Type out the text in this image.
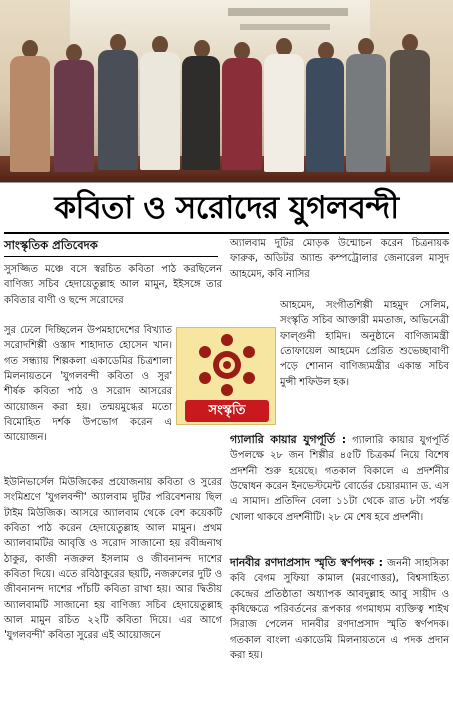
কবিতা ও সরোদের যুগলবন্দী
সাংস্কৃতিক প্রতিবেদক
সুসজ্জিত মঞ্চে বসে স্বরচিত কবিতা পাঠ করছিলেন বাণিজ্য সচিব হেদায়েতুল্লাহ আল মামুন, ইইসঙ্গে তার কবিতার বাণী ও ছন্দে সরোদের
সুর ঢেলে দিচ্ছিলেন উপমহাদেশের বিখ্যাত সরোদশিল্পী ওস্তাদ শাহাদাত হোসেন খান। গত সন্ধ্যায় শিল্পকলা একাডেমির চিত্রশালা মিলনায়তনে 'যুগলবন্দী কবিতা ও সুর' শীর্ষক কবিতা পাঠ ও সরোদ আসরের আয়োজন করা হয়। তন্ময়মুগ্ধের মতো বিমোহিত দর্শক উপভোগ করেন এ আয়োজন।
ইউনিভার্সেল মিউজিকের প্রযোজনায় কবিতা ও সুরের সংমিশ্রণে 'যুগলবন্দী' অ্যালবাম দুটির পরিবেশনায় ছিল টাইম মিউজিক। আসরে অ্যালবাম থেকে বেশ কয়েকটি কবিতা পাঠ করেন হেদায়েতুল্লাহ আল মামুন। প্রথম অ্যালবামটির আবৃত্তি ও সরোদ সাজানো হয় রবীন্দ্রনাথ ঠাকুর, কাজী নজরুল ইসলাম ও জীবনানন্দ দাশের কবিতা দিয়ে। এতে রবিঠাকুরের ছয়টি, নজরুলের দুটি ও জীবনানন্দ দাশের পাঁচটি কবিতা রাখা হয়। আর দ্বিতীয় অ্যালবামটি সাজানো হয় বাণিজ্য সচিব হেদায়েতুল্লাহ আল মামুন রচিত ২২টি কবিতা দিয়ে। এর আগে 'যুগলবন্দী' কবিতা সুরের এই আয়োজনে
সংস্কৃতি
অ্যালবাম দুটির মোড়ক উন্মোচন করেন চিত্রনায়ক ফারুক, অডিটর অ্যান্ড কম্পট্রোলার জেনারেল মাসুদ আহমেদ, কবি নাসির
আহমেদ, সংগীতশিল্পী মাহমুদ সেলিম, সংস্কৃতি সচিব আক্তারী মমতাজ, অভিনেত্রী ফাল্গুনী হামিদ। অনুষ্ঠানে বাণিজ্যমন্ত্রী তোফায়েল আহমেদ প্রেরিত শুভেচ্ছাবাণী পড়ে শোনান বাণিজ্যমন্ত্রীর একান্ত সচিব মুন্সী শফিউল হক।
গ্যালারি কায়ার যুগপূর্তি : গ্যালারি কায়ার যুগপূর্তি উপলক্ষে ২৮ জন শিল্পীর ৪৫টি চিত্রকর্ম নিয়ে বিশেষ প্রদর্শনী শুরু হয়েছে। গতকাল বিকালে এ প্রদর্শনীর উদ্বোধন করেন ইনভেস্টমেন্ট বোর্ডের চেয়ারম্যান ড. এস এ সামাদ। প্রতিদিন বেলা ১১টা থেকে রাত ৮টা পর্যন্ত খোলা থাকবে প্রদর্শনীটি। ২৮ মে শেষ হবে প্রদর্শনী।
দানবীর রণদাপ্রসাদ স্মৃতি স্বর্ণপদক : জননী সাহসিকা কবি বেগম সুফিয়া কামাল (মরণোত্তর), বিশ্বসাহিত্য কেন্দ্রের প্রতিষ্ঠাতা অধ্যাপক আবদুল্লাহ আবু সায়ীদ ও কৃষিক্ষেত্রে পরিবর্তনের রূপকার গণমাধ্যম ব্যক্তিত্ব শাইখ সিরাজ পেলেন দানবীর রণদাপ্রসাদ স্মৃতি স্বর্ণপদক। গতকাল বাংলা একাডেমি মিলনায়তনে এ পদক প্রদান করা হয়।
